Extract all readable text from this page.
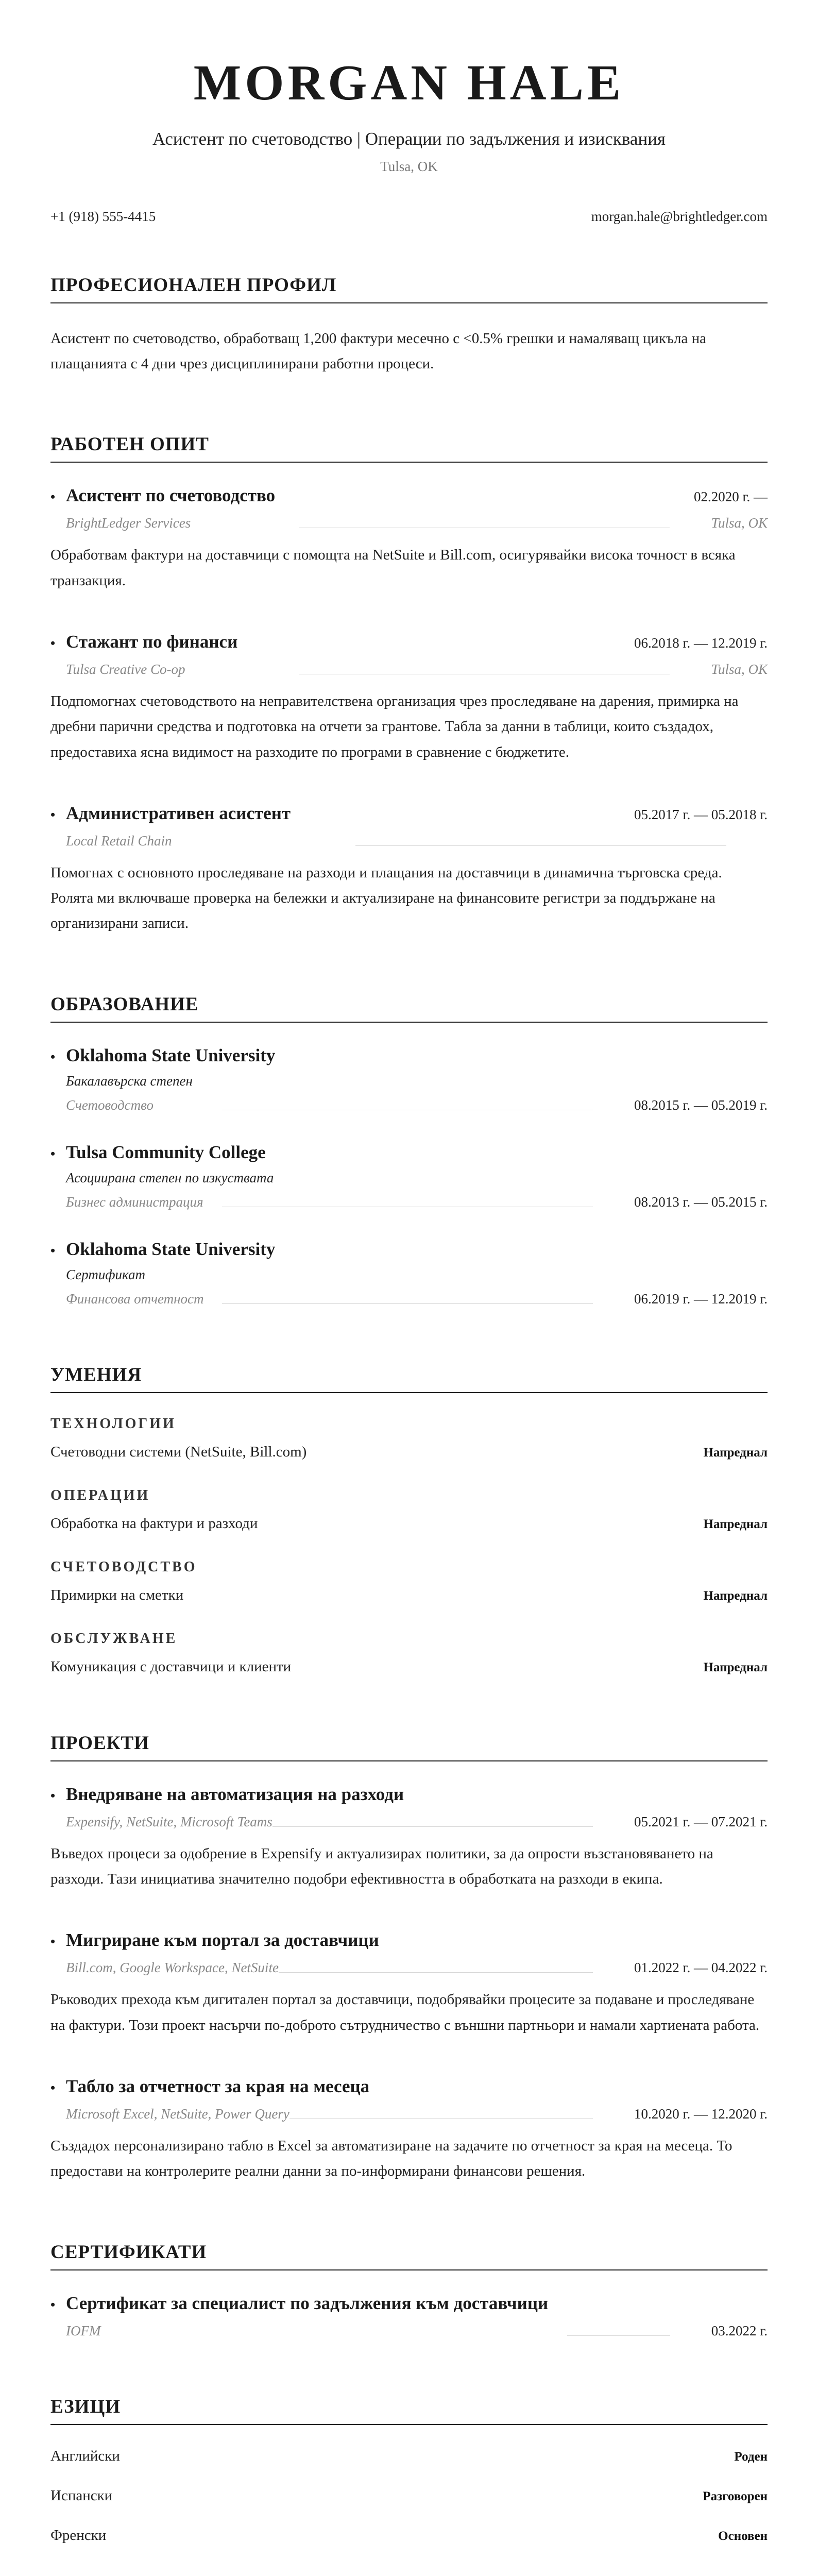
MORGAN HALE
Асистент по счетоводство | Операции по задължения и изисквания
Tulsa, OK
+1 (918) 555-4415	morgan.hale@brightledger.com
ПРОФЕСИОНАЛЕН ПРОФИЛ

Асистент по счетоводство, обработващ 1,200 фактури месечно с <0.5% грешки и намаляващ цикъла на плащанията с 4 дни чрез дисциплинирани работни процеси.

РАБОТЕН ОПИТ
• Асистент по счетоводство	02.2020 г. —
BrightLedger Services	Tulsa, OK

Обработвам фактури на доставчици с помощта на NetSuite и Bill.com, осигурявайки висока точност в всяка транзакция.

• Стажант по финанси	06.2018 г. — 12.2019 г.
Tulsa Creative Co-op	Tulsa, OK

Подпомогнах счетоводството на неправителствена организация чрез проследяване на дарения, примирка на дребни парични средства и подготовка на отчети за грантове. Табла за данни в таблици, които създадох, предоставиха ясна видимост на разходите по програми в сравнение с бюджетите.

• Административен асистент	05.2017 г. — 05.2018 г.
Local Retail Chain

Помогнах с основното проследяване на разходи и плащания на доставчици в динамична търговска среда. Ролята ми включваше проверка на бележки и актуализиране на финансовите регистри за поддържане на организирани записи.

ОБРАЗОВАНИЕ
• Oklahoma State University
Бакалавърска степен
Счетоводство	08.2015 г. — 05.2019 г.
• Tulsa Community College
Асоциирана степен по изкуствата
Бизнес администрация	08.2013 г. — 05.2015 г.
• Oklahoma State University
Сертификат
Финансова отчетност	06.2019 г. — 12.2019 г.
УМЕНИЯ
ТЕХНОЛОГИИ
Счетоводни системи (NetSuite, Bill.com)	Напреднал
ОПЕРАЦИИ
Обработка на фактури и разходи	Напреднал
СЧЕТОВОДСТВО
Примирки на сметки	Напреднал
ОБСЛУЖВАНЕ
Комуникация с доставчици и клиенти	Напреднал
ПРОЕКТИ
• Внедряване на автоматизация на разходи
Expensify, NetSuite, Microsoft Teams	05.2021 г. — 07.2021 г.

Въведох процеси за одобрение в Expensify и актуализирах политики, за да опрости възстановяването на разходи. Тази инициатива значително подобри ефективността в обработката на разходи в екипа.

• Мигриране към портал за доставчици
Bill.com, Google Workspace, NetSuite	01.2022 г. — 04.2022 г.

Ръководих прехода към дигитален портал за доставчици, подобрявайки процесите за подаване и проследяване на фактури. Този проект насърчи по-доброто сътрудничество с външни партньори и намали хартиената работа.

• Табло за отчетност за края на месеца
Microsoft Excel, NetSuite, Power Query	10.2020 г. — 12.2020 г.

Създадох персонализирано табло в Excel за автоматизиране на задачите по отчетност за края на месеца. То предостави на контролерите реални данни за по-информирани финансови решения.

СЕРТИФИКАТИ
• Сертификат за специалист по задължения към доставчици
IOFM	03.2022 г.
ЕЗИЦИ
Английски	Роден
Испански	Разговорен
Френски	Основен
